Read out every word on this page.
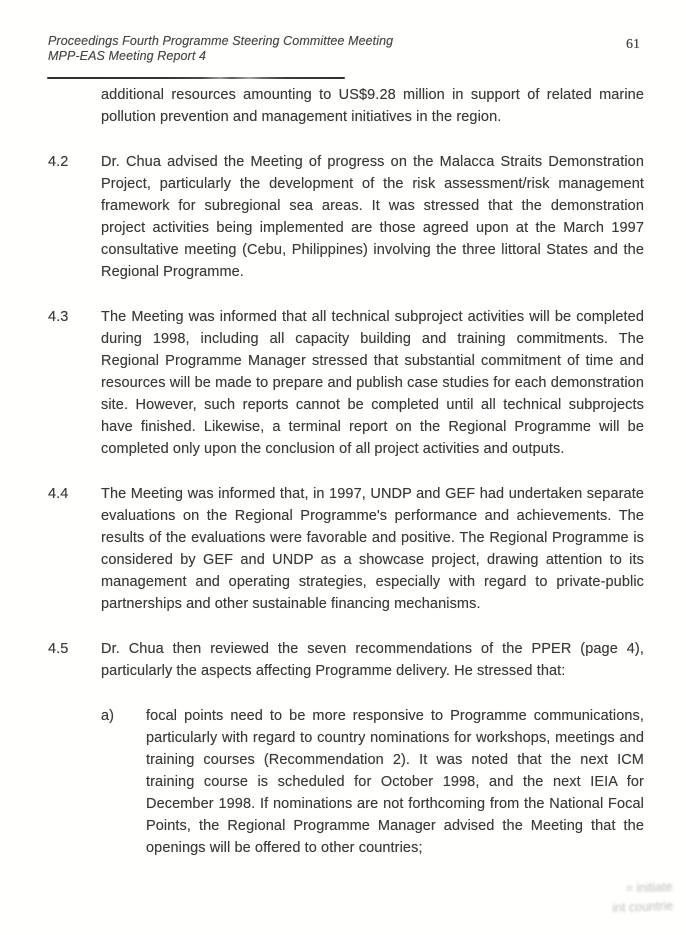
Proceedings Fourth Programme Steering Committee Meeting
MPP-EAS Meeting Report 4
61
additional resources amounting to US$9.28 million in support of related marine pollution prevention and management initiatives in the region.
4.2 Dr. Chua advised the Meeting of progress on the Malacca Straits Demonstration Project, particularly the development of the risk assessment/risk management framework for subregional sea areas. It was stressed that the demonstration project activities being implemented are those agreed upon at the March 1997 consultative meeting (Cebu, Philippines) involving the three littoral States and the Regional Programme.
4.3 The Meeting was informed that all technical subproject activities will be completed during 1998, including all capacity building and training commitments. The Regional Programme Manager stressed that substantial commitment of time and resources will be made to prepare and publish case studies for each demonstration site. However, such reports cannot be completed until all technical subprojects have finished. Likewise, a terminal report on the Regional Programme will be completed only upon the conclusion of all project activities and outputs.
4.4 The Meeting was informed that, in 1997, UNDP and GEF had undertaken separate evaluations on the Regional Programme's performance and achievements. The results of the evaluations were favorable and positive. The Regional Programme is considered by GEF and UNDP as a showcase project, drawing attention to its management and operating strategies, especially with regard to private-public partnerships and other sustainable financing mechanisms.
4.5 Dr. Chua then reviewed the seven recommendations of the PPER (page 4), particularly the aspects affecting Programme delivery. He stressed that:
a) focal points need to be more responsive to Programme communications, particularly with regard to country nominations for workshops, meetings and training courses (Recommendation 2). It was noted that the next ICM training course is scheduled for October 1998, and the next IEIA for December 1998. If nominations are not forthcoming from the National Focal Points, the Regional Programme Manager advised the Meeting that the openings will be offered to other countries;
= initiate
int countrie
